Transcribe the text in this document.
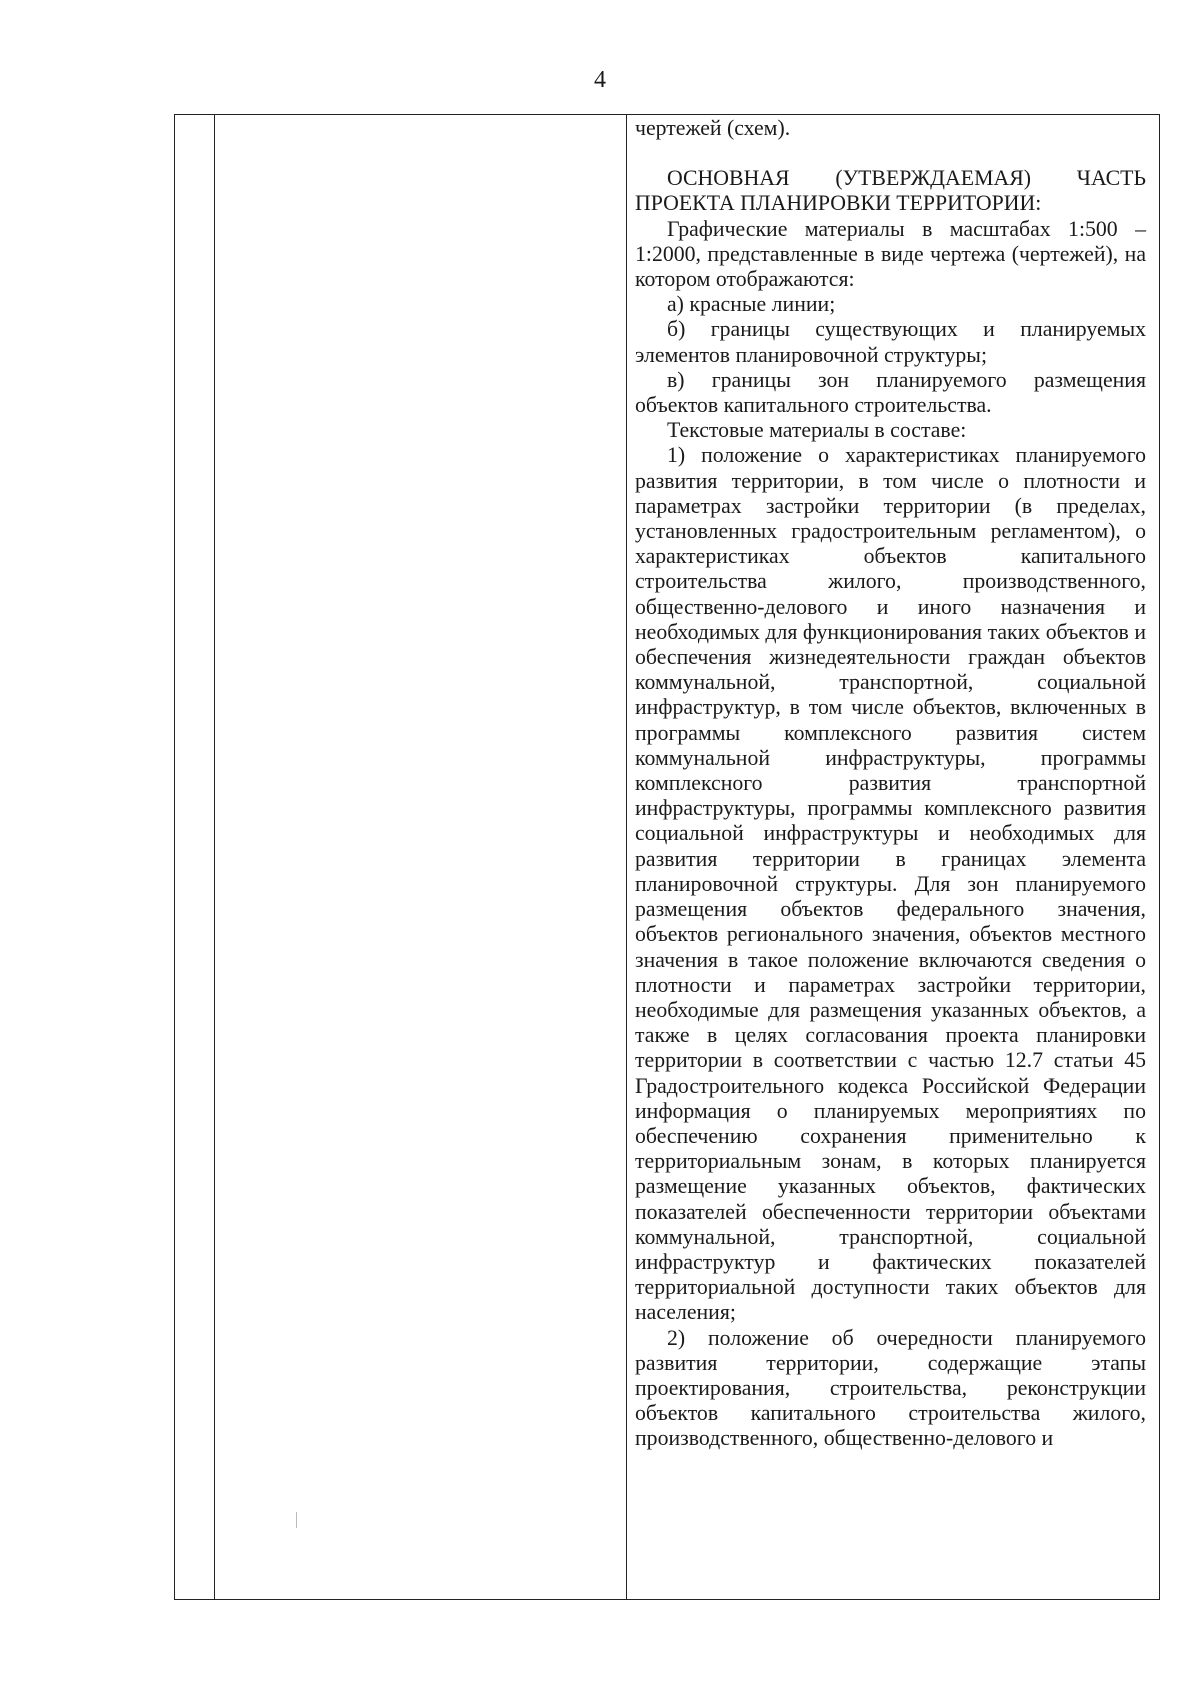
4

чертежей (схем).

ОСНОВНАЯ (УТВЕРЖДАЕМАЯ) ЧАСТЬ ПРОЕКТА ПЛАНИРОВКИ ТЕРРИТОРИИ:

Графические материалы в масштабах 1:500 – 1:2000, представленные в виде чертежа (чертежей), на котором отображаются:

а) красные линии;

б) границы существующих и планируемых элементов планировочной структуры;

в) границы зон планируемого размещения объектов капитального строительства.

Текстовые материалы в составе:

1) положение о характеристиках планируемого развития территории, в том числе о плотности и параметрах застройки территории (в пределах, установленных градостроительным регламентом), о характеристиках объектов капитального строительства жилого, производственного, общественно-делового и иного назначения и необходимых для функционирования таких объектов и обеспечения жизнедеятельности граждан объектов коммунальной, транспортной, социальной инфраструктур, в том числе объектов, включенных в программы комплексного развития систем коммунальной инфраструктуры, программы комплексного развития транспортной инфраструктуры, программы комплексного развития социальной инфраструктуры и необходимых для развития территории в границах элемента планировочной структуры. Для зон планируемого размещения объектов федерального значения, объектов регионального значения, объектов местного значения в такое положение включаются сведения о плотности и параметрах застройки территории, необходимые для размещения указанных объектов, а также в целях согласования проекта планировки территории в соответствии с частью 12.7 статьи 45 Градостроительного кодекса Российской Федерации информация о планируемых мероприятиях по обеспечению сохранения применительно к территориальным зонам, в которых планируется размещение указанных объектов, фактических показателей обеспеченности территории объектами коммунальной, транспортной, социальной инфраструктур и фактических показателей территориальной доступности таких объектов для населения;

2) положение об очередности планируемого развития территории, содержащие этапы проектирования, строительства, реконструкции объектов капитального строительства жилого, производственного, общественно-делового и
